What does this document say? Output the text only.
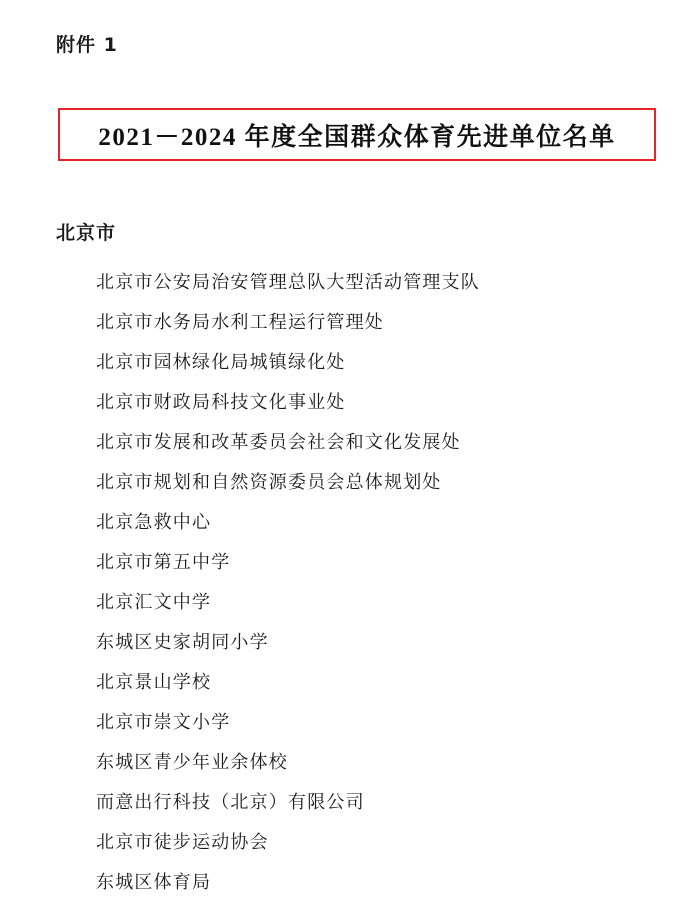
附件 1
2021－2024 年度全国群众体育先进单位名单
北京市
北京市公安局治安管理总队大型活动管理支队
北京市水务局水利工程运行管理处
北京市园林绿化局城镇绿化处
北京市财政局科技文化事业处
北京市发展和改革委员会社会和文化发展处
北京市规划和自然资源委员会总体规划处
北京急救中心
北京市第五中学
北京汇文中学
东城区史家胡同小学
北京景山学校
北京市崇文小学
东城区青少年业余体校
而意出行科技（北京）有限公司
北京市徒步运动协会
东城区体育局
